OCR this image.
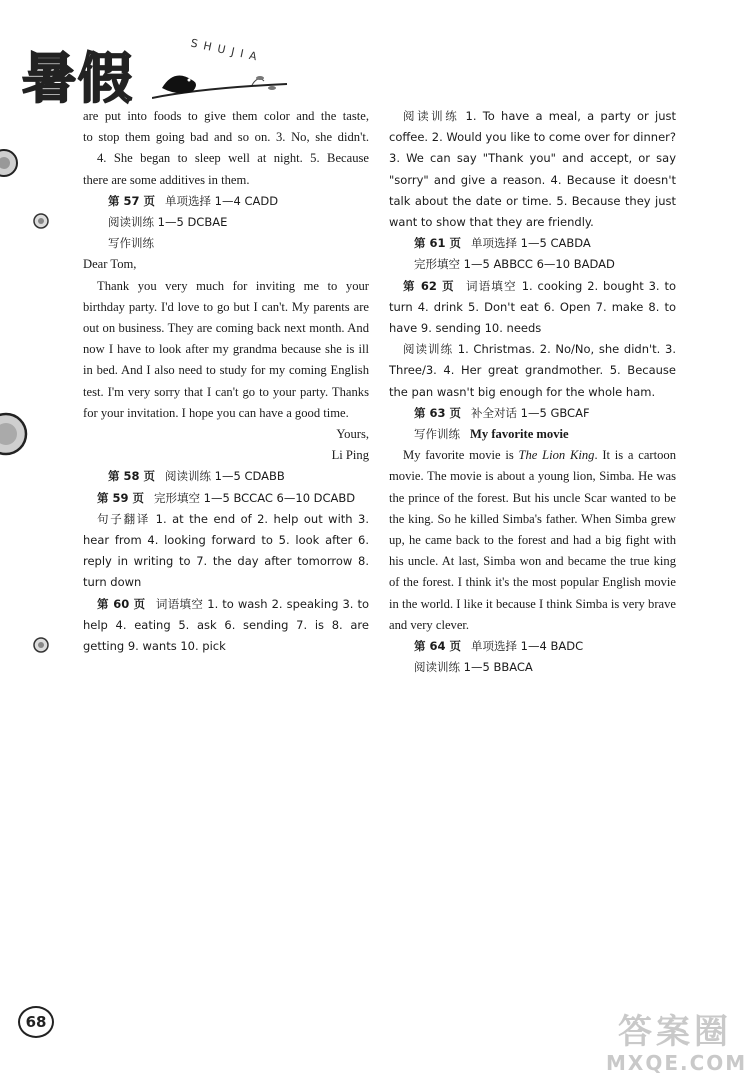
暑假	SHUJIA

are put into foods to give them color and the taste,

to stop them going bad and so on. 3. No, she didn't.

4. She began to sleep well at night. 5. Because

there are some additives in them.

第 57 页 单项选择 1—4 CADD

阅读训练 1—5 DCBAE

写作训练

Dear Tom,

Thank you very much for inviting me to your birthday party. I'd love to go but I can't. My parents are out on business. They are coming back next month. And now I have to look after my grandma because she is ill in bed. And I also need to study for my coming English test. I'm very sorry that I can't go to your party. Thanks for your invitation. I hope you can have a good time.

Yours,

Li Ping

第 58 页 阅读训练 1—5 CDABB

第 59 页 完形填空 1—5 BCCAC 6—10 DCABD

句子翻译 1. at the end of 2. help out with 3. hear from 4. looking forward to 5. look after 6. reply in writing to 7. the day after tomorrow 8. turn down

第 60 页 词语填空 1. to wash 2. speaking 3. to help 4. eating 5. ask 6. sending 7. is 8. are getting 9. wants 10. pick

阅读训练 1. To have a meal, a party or just coffee. 2. Would you like to come over for dinner? 3. We can say "Thank you" and accept, or say "sorry" and give a reason. 4. Because it doesn't talk about the date or time. 5. Because they just want to show that they are friendly.

第 61 页 单项选择 1—5 CABDA

完形填空 1—5 ABBCC 6—10 BADAD

第 62 页 词语填空 1. cooking 2. bought 3. to turn 4. drink 5. Don't eat 6. Open 7. make 8. to have 9. sending 10. needs

阅读训练 1. Christmas. 2. No/No, she didn't. 3. Three/3. 4. Her great grandmother. 5. Because the pan wasn't big enough for the whole ham.

第 63 页 补全对话 1—5 GBCAF

写作训练 My favorite movie

My favorite movie is The Lion King. It is a cartoon movie. The movie is about a young lion, Simba. He was the prince of the forest. But his uncle Scar wanted to be the king. So he killed Simba's father. When Simba grew up, he came back to the forest and had a big fight with his uncle. At last, Simba won and became the true king of the forest. I think it's the most popular English movie in the world. I like it because I think Simba is very brave and very clever.

第 64 页 单项选择 1—4 BADC

阅读训练 1—5 BBACA

68	答案圈
MXQE.COM
